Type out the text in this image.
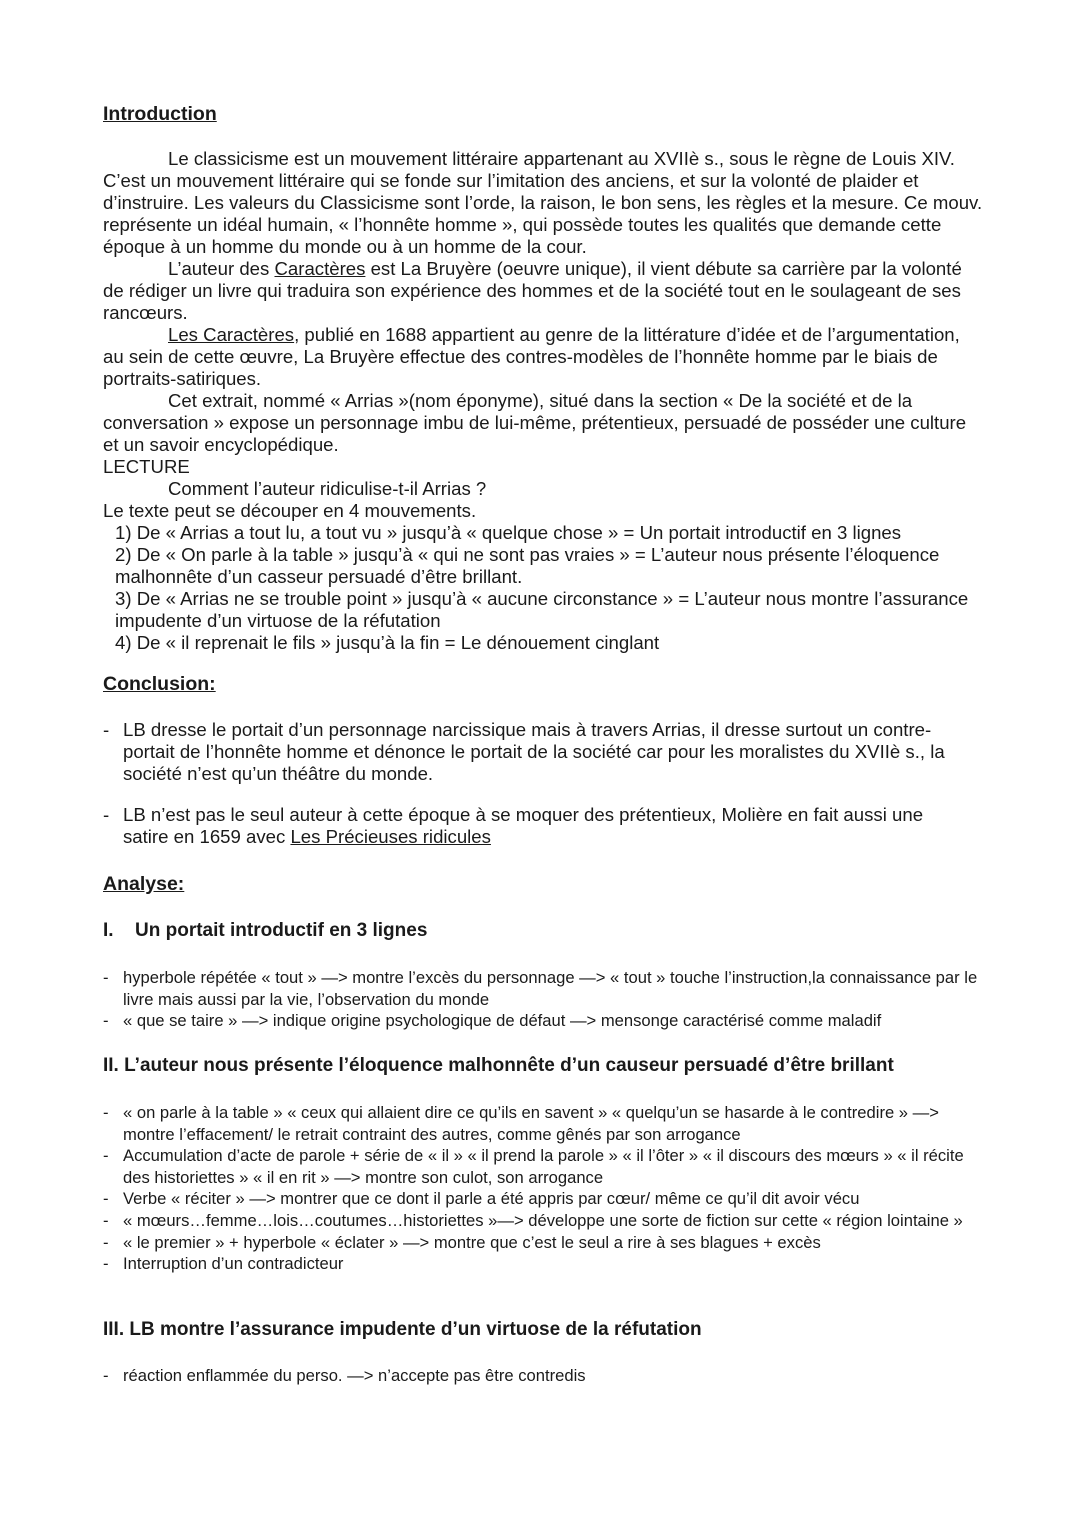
Introduction

Le classicisme est un mouvement littéraire appartenant au XVIIè s., sous le règne de Louis XIV. C’est un mouvement littéraire qui se fonde sur l’imitation des anciens, et sur la volonté de plaider et d’instruire. Les valeurs du Classicisme sont l’orde, la raison, le bon sens, les règles et la mesure. Ce mouv. représente un idéal humain, « l’honnête homme », qui possède toutes les qualités que demande cette époque à un homme du monde ou à un homme de la cour.

L’auteur des Caractères est La Bruyère (oeuvre unique), il vient débute sa carrière par la volonté de rédiger un livre qui traduira son expérience des hommes et de la société tout en le soulageant de ses rancœurs.

Les Caractères, publié en 1688 appartient au genre de la littérature d’idée et de l’argumentation, au sein de cette œuvre, La Bruyère effectue des contres-modèles de l’honnête homme par le biais de portraits-satiriques.

Cet extrait, nommé « Arrias »(nom éponyme), situé dans la section « De la société et de la conversation » expose un personnage imbu de lui-même, prétentieux, persuadé de posséder une culture et un savoir encyclopédique.

LECTURE

Comment l’auteur ridiculise-t-il Arrias ?

Le texte peut se découper en 4 mouvements.

1) De « Arrias a tout lu, a tout vu » jusqu’à « quelque chose » = Un portait introductif en 3 lignes

2) De « On parle à la table » jusqu’à « qui ne sont pas vraies » = L’auteur nous présente l’éloquence malhonnête d’un casseur persuadé d’être brillant.

3) De « Arrias ne se trouble point » jusqu’à « aucune circonstance » = L’auteur nous montre l’assurance impudente d’un virtuose de la réfutation

4) De « il reprenait le fils » jusqu’à la fin = Le dénouement cinglant

Conclusion:
- LB dresse le portait d’un personnage narcissique mais à travers Arrias, il dresse surtout un contre-portait de l’honnête homme et dénonce le portait de la société car pour les moralistes du XVIIè s., la société n’est qu’un théâtre du monde.
- LB n’est pas le seul auteur à cette époque à se moquer des prétentieux, Molière en fait aussi une satire en 1659 avec Les Précieuses ridicules
Analyse:
I. Un portait introductif en 3 lignes
- hyperbole répétée « tout » —> montre l’excès du personnage —> « tout » touche l’instruction,la connaissance par le livre mais aussi par la vie, l’observation du monde
- « que se taire » —> indique origine psychologique de défaut —> mensonge caractérisé comme maladif
II. L’auteur nous présente l’éloquence malhonnête d’un causeur persuadé d’être brillant
- « on parle à la table » « ceux qui allaient dire ce qu’ils en savent » « quelqu’un se hasarde à le contredire » —> montre l’effacement/ le retrait contraint des autres, comme gênés par son arrogance
- Accumulation d’acte de parole + série de « il » « il prend la parole » « il l’ôter » « il discours des mœurs » « il récite des historiettes » « il en rit » —> montre son culot, son arrogance
- Verbe « réciter » —> montrer que ce dont il parle a été appris par cœur/ même ce qu’il dit avoir vécu
- « mœurs…femme…lois…coutumes…historiettes »—> développe une sorte de fiction sur cette « région lointaine »
- « le premier » + hyperbole « éclater » —> montre que c’est le seul a rire à ses blagues + excès
- Interruption d’un contradicteur
III. LB montre l’assurance impudente d’un virtuose de la réfutation
- réaction enflammée du perso. —> n’accepte pas être contredis
